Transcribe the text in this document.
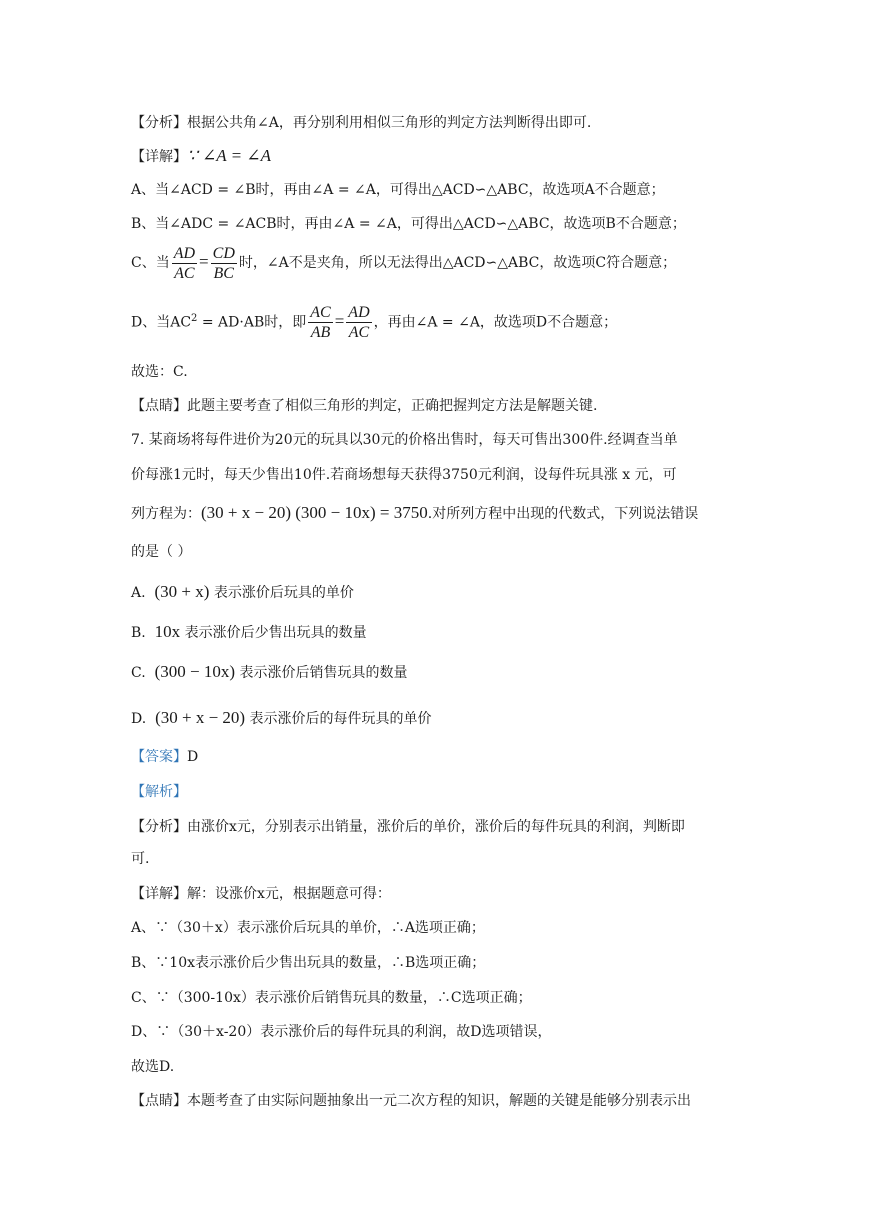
【分析】根据公共角∠A，再分别利用相似三角形的判定方法判断得出即可.
【详解】∵ ∠A = ∠A
A、当∠ACD = ∠B时，再由∠A = ∠A，可得出△ACD∽△ABC，故选项A不合题意；
B、当∠ADC = ∠ACB时，再由∠A = ∠A，可得出△ACD∽△ABC，故选项B不合题意；
C、当 $\frac{AD}{AC} = \frac{CD}{BC}$ 时，∠A不是夹角，所以无法得出△ACD∽△ABC，故选项C符合题意；
D、当$AC^2 = AD\cdot AB$时，即 $\frac{AC}{AB} = \frac{AD}{AC}$ ，再由∠A = ∠A，故选项D不合题意；
故选：C.
【点睛】此题主要考查了相似三角形的判定，正确把握判定方法是解题关键.
7. 某商场将每件进价为20元的玩具以30元的价格出售时，每天可售出300件.经调查当单
价每涨1元时，每天少售出10件.若商场想每天获得3750元利润，设每件玩具涨 x 元，可
列方程为：(30 + x − 20) (300 − 10x) = 3750.对所列方程中出现的代数式，下列说法错误
的是（ ）
A. (30 + x) 表示涨价后玩具的单价
B. 10x 表示涨价后少售出玩具的数量
C. (300 − 10x) 表示涨价后销售玩具的数量
D. (30 + x − 20) 表示涨价后的每件玩具的单价
【答案】D
【解析】
【分析】由涨价x元，分别表示出销量，涨价后的单价，涨价后的每件玩具的利润，判断即
可.
【详解】解：设涨价x元，根据题意可得：
A、∵（30＋x）表示涨价后玩具的单价，∴A选项正确；
B、∵10x表示涨价后少售出玩具的数量，∴B选项正确；
C、∵（300-10x）表示涨价后销售玩具的数量，∴C选项正确；
D、∵（30＋x-20）表示涨价后的每件玩具的利润，故D选项错误，
故选D.
【点睛】本题考查了由实际问题抽象出一元二次方程的知识，解题的关键是能够分别表示出
